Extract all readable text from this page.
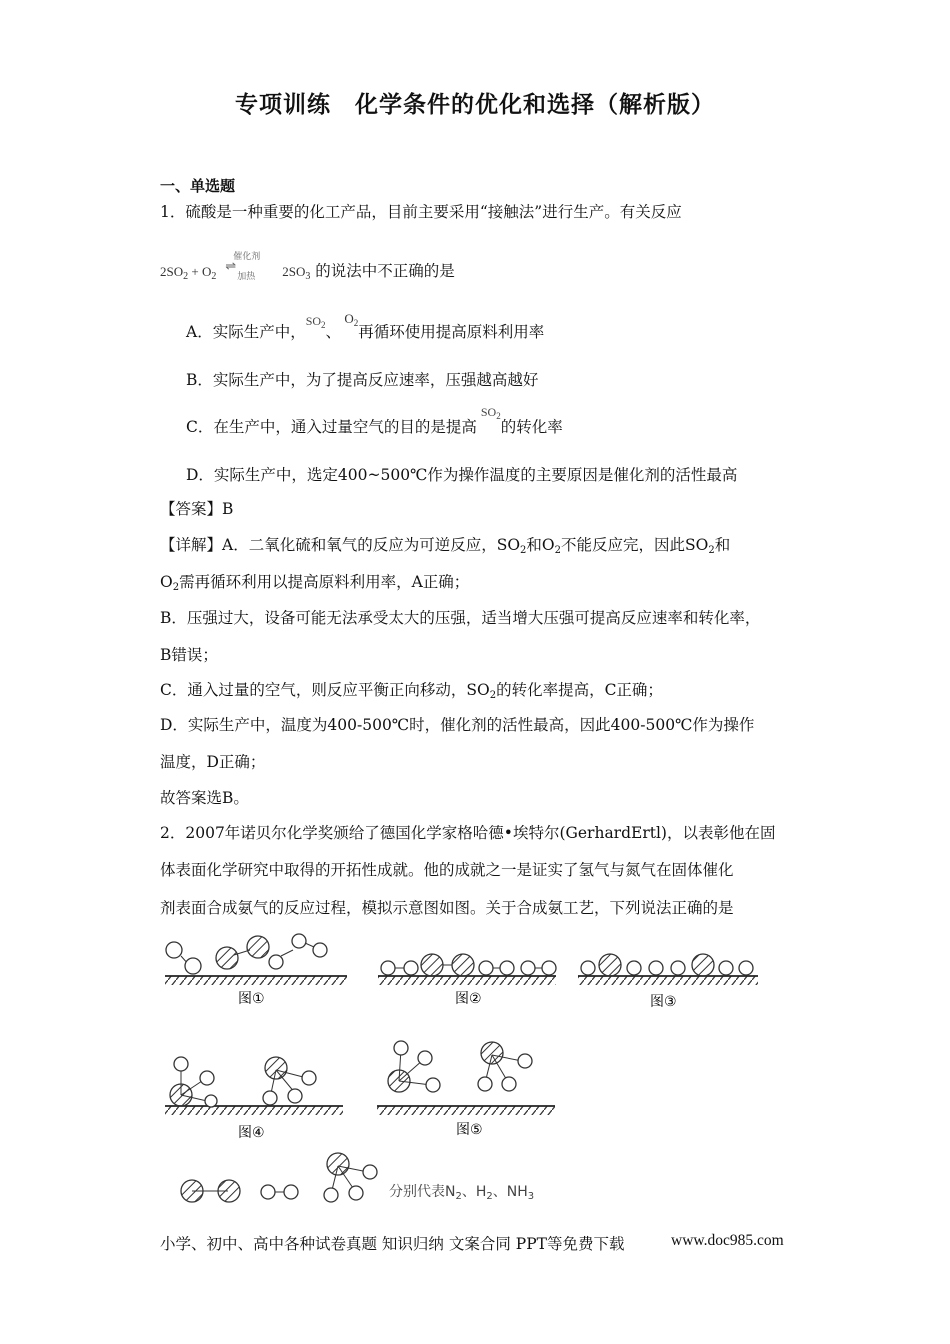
专项训练　化学条件的优化和选择（解析版）
一、单选题
1．硫酸是一种重要的化工产品，目前主要采用“接触法”进行生产。有关反应
$2SO_2 + O_2$
催化剂
⇌
加热 $2SO_3$ 的说法中不正确的是
A．实际生产中，$^{SO_2}$、 $^{O_2}$再循环使用提高原料利用率
B．实际生产中，为了提高反应速率，压强越高越好
C．在生产中，通入过量空气的目的是提高$^{SO_2}$的转化率
D．实际生产中，选定400~500℃作为操作温度的主要原因是催化剂的活性最高
【答案】B
【详解】A．二氧化硫和氧气的反应为可逆反应，$SO_2$和$O_2$不能反应完，因此$SO_2$和
$O_2$需再循环利用以提高原料利用率，A正确；
B．压强过大，设备可能无法承受太大的压强，适当增大压强可提高反应速率和转化率，
B错误；
C．通入过量的空气，则反应平衡正向移动，$SO_2$的转化率提高，C正确；
D．实际生产中，温度为400-500℃时，催化剂的活性最高，因此400-500℃作为操作
温度，D正确；
故答案选B。
2．2007年诺贝尔化学奖颁给了德国化学家格哈德•埃特尔(GerhardErtl)，以表彰他在固
体表面化学研究中取得的开拓性成就。他的成就之一是证实了氢气与氮气在固体催化
剂表面合成氨气的反应过程，模拟示意图如图。关于合成氨工艺，下列说法正确的是
图①	图②	图③
图④	图⑤
分别代表$N_2$、$H_2$、$NH_3$
小学、初中、高中各种试卷真题 知识归纳 文案合同 PPT等免费下载	www.doc985.com
